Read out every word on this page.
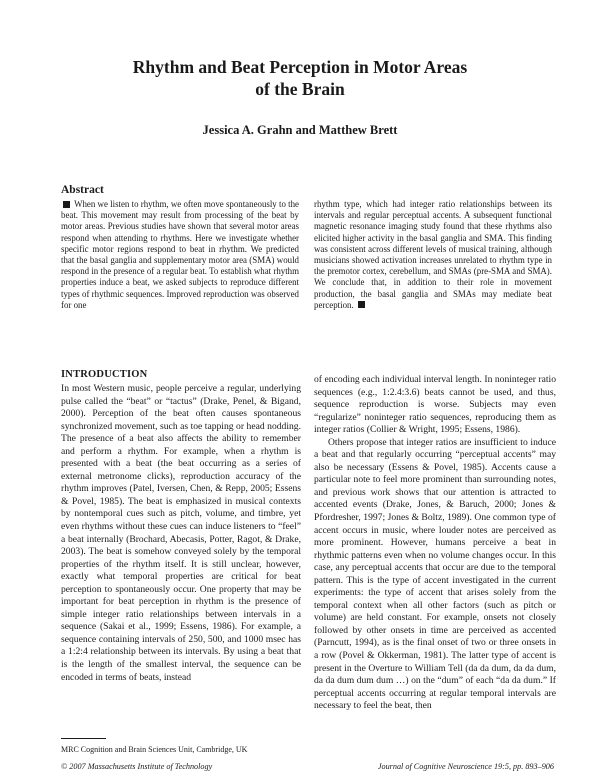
Rhythm and Beat Perception in Motor Areas
of the Brain
Jessica A. Grahn and Matthew Brett
Abstract
When we listen to rhythm, we often move spontaneously to the beat. This movement may result from processing of the beat by motor areas. Previous studies have shown that several motor areas respond when attending to rhythms. Here we investigate whether specific motor regions respond to beat in rhythm. We predicted that the basal ganglia and supplementary motor area (SMA) would respond in the presence of a regular beat. To establish what rhythm properties induce a beat, we asked subjects to reproduce different types of rhythmic sequences. Improved reproduction was observed for one
rhythm type, which had integer ratio relationships between its intervals and regular perceptual accents. A subsequent functional magnetic resonance imaging study found that these rhythms also elicited higher activity in the basal ganglia and SMA. This finding was consistent across different levels of musical training, although musicians showed activation increases unrelated to rhythm type in the premotor cortex, cerebellum, and SMAs (pre-SMA and SMA). We conclude that, in addition to their role in movement production, the basal ganglia and SMAs may mediate beat perception.
INTRODUCTION

In most Western music, people perceive a regular, underlying pulse called the “beat” or “tactus” (Drake, Penel, & Bigand, 2000). Perception of the beat often causes spontaneous synchronized movement, such as toe tapping or head nodding. The presence of a beat also affects the ability to remember and perform a rhythm. For example, when a rhythm is presented with a beat (the beat occurring as a series of external metronome clicks), reproduction accuracy of the rhythm improves (Patel, Iversen, Chen, & Repp, 2005; Essens & Povel, 1985). The beat is emphasized in musical contexts by nontemporal cues such as pitch, volume, and timbre, yet even rhythms without these cues can induce listeners to “feel” a beat internally (Brochard, Abecasis, Potter, Ragot, & Drake, 2003). The beat is somehow conveyed solely by the temporal properties of the rhythm itself. It is still unclear, however, exactly what temporal properties are critical for beat perception to spontaneously occur. One property that may be important for beat perception in rhythm is the presence of simple integer ratio relationships between intervals in a sequence (Sakai et al., 1999; Essens, 1986). For example, a sequence containing intervals of 250, 500, and 1000 msec has a 1:2:4 relationship between its intervals. By using a beat that is the length of the smallest interval, the sequence can be encoded in terms of beats, instead

of encoding each individual interval length. In noninteger ratio sequences (e.g., 1:2.4:3.6) beats cannot be used, and thus, sequence reproduction is worse. Subjects may even “regularize” noninteger ratio sequences, reproducing them as integer ratios (Collier & Wright, 1995; Essens, 1986).

Others propose that integer ratios are insufficient to induce a beat and that regularly occurring “perceptual accents” may also be necessary (Essens & Povel, 1985). Accents cause a particular note to feel more prominent than surrounding notes, and previous work shows that our attention is attracted to accented events (Drake, Jones, & Baruch, 2000; Jones & Pfordresher, 1997; Jones & Boltz, 1989). One common type of accent occurs in music, where louder notes are perceived as more prominent. However, humans perceive a beat in rhythmic patterns even when no volume changes occur. In this case, any perceptual accents that occur are due to the temporal pattern. This is the type of accent investigated in the current experiments: the type of accent that arises solely from the temporal context when all other factors (such as pitch or volume) are held constant. For example, onsets not closely followed by other onsets in time are perceived as accented (Parncutt, 1994), as is the final onset of two or three onsets in a row (Povel & Okkerman, 1981). The latter type of accent is present in the Overture to William Tell (da da dum, da da dum, da da dum dum dum …) on the “dum” of each “da da dum.” If perceptual accents occurring at regular temporal intervals are necessary to feel the beat, then

MRC Cognition and Brain Sciences Unit, Cambridge, UK
© 2007 Massachusetts Institute of Technology	Journal of Cognitive Neuroscience 19:5, pp. 893–906
